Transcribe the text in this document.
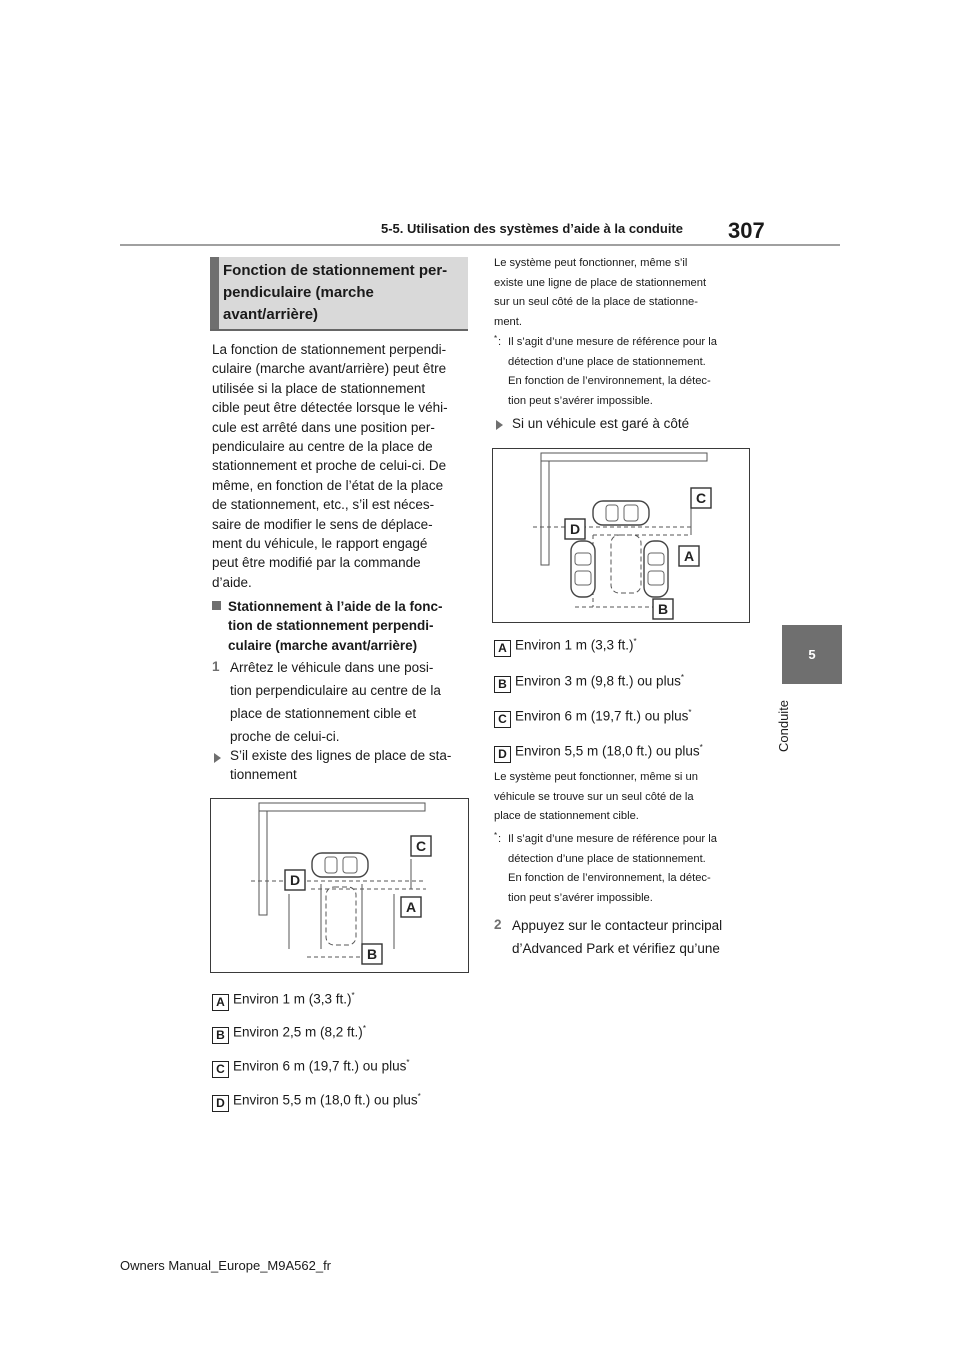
5-5. Utilisation des systèmes d’aide à la conduite 307
5
Conduite
Fonction de stationnement per-pendiculaire (marche avant/arrière)
La fonction de stationnement perpendi-
culaire (marche avant/arrière) peut être
utilisée si la place de stationnement
cible peut être détectée lorsque le véhi-
cule est arrêté dans une position per-
pendiculaire au centre de la place de
stationnement et proche de celui-ci. De
même, en fonction de l’état de la place
de stationnement, etc., s’il est néces-
saire de modifier le sens de déplace-
ment du véhicule, le rapport engagé
peut être modifié par la commande
d’aide.
Stationnement à l’aide de la fonc-
tion de stationnement perpendi-
culaire (marche avant/arrière)
1 Arrêtez le véhicule dans une posi-
tion perpendiculaire au centre de la
place de stationnement cible et
proche de celui-ci.
S’il existe des lignes de place de sta-
tionnement
D
C
A
B
A Environ 1 m (3,3 ft.)*
B Environ 2,5 m (8,2 ft.)*
C Environ 6 m (19,7 ft.) ou plus*
D Environ 5,5 m (18,0 ft.) ou plus*
Le système peut fonctionner, même s’il
existe une ligne de place de stationnement
sur un seul côté de la place de stationne-
ment.
* : Il s’agit d’une mesure de référence pour la
détection d’une place de stationnement.
En fonction de l’environnement, la détec-
tion peut s’avérer impossible.
Si un véhicule est garé à côté
D
C
A
B
A Environ 1 m (3,3 ft.)*
B Environ 3 m (9,8 ft.) ou plus*
C Environ 6 m (19,7 ft.) ou plus*
D Environ 5,5 m (18,0 ft.) ou plus*
Le système peut fonctionner, même si un
véhicule se trouve sur un seul côté de la
place de stationnement cible.
* : Il s’agit d’une mesure de référence pour la
détection d’une place de stationnement.
En fonction de l’environnement, la détec-
tion peut s’avérer impossible.
2 Appuyez sur le contacteur principal
d’Advanced Park et vérifiez qu’une
Owners Manual_Europe_M9A562_fr
